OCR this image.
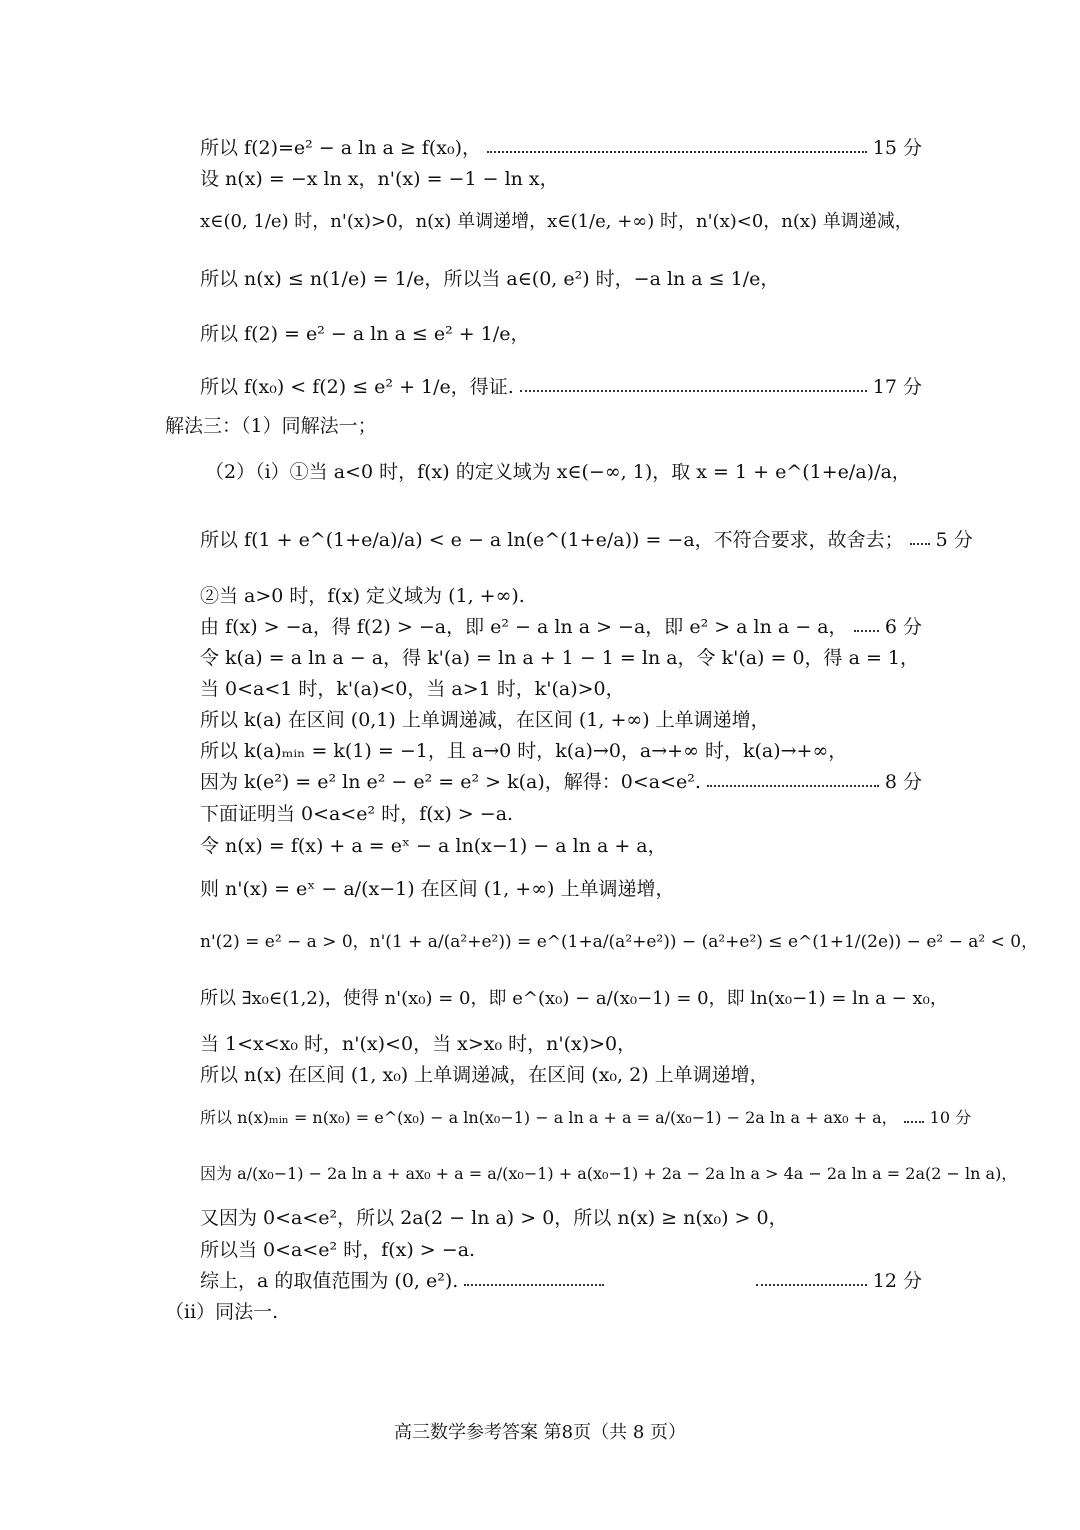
所以 f(2)=e² − a ln a ≥ f(x₀)，	15 分
设 n(x) = −x ln x，n'(x) = −1 − ln x，
x∈(0, 1/e) 时，n'(x)>0，n(x) 单调递增，x∈(1/e, +∞) 时，n'(x)<0，n(x) 单调递减，
所以 n(x) ≤ n(1/e) = 1/e，所以当 a∈(0, e²) 时，−a ln a ≤ 1/e，
所以 f(2) = e² − a ln a ≤ e² + 1/e，
所以 f(x₀) < f(2) ≤ e² + 1/e，得证.	17 分
解法三：（1）同解法一；
（2）（i）①当 a<0 时，f(x) 的定义域为 x∈(−∞, 1)，取 x = 1 + e^(1+e/a)/a，
所以 f(1 + e^(1+e/a)/a) < e − a ln(e^(1+e/a)) = −a，不符合要求，故舍去； 5 分
②当 a>0 时，f(x) 定义域为 (1, +∞).
由 f(x) > −a，得 f(2) > −a，即 e² − a ln a > −a，即 e² > a ln a − a， 6 分
令 k(a) = a ln a − a，得 k'(a) = ln a + 1 − 1 = ln a，令 k'(a) = 0，得 a = 1，
当 0<a<1 时，k'(a)<0，当 a>1 时，k'(a)>0，
所以 k(a) 在区间 (0,1) 上单调递减，在区间 (1, +∞) 上单调递增，
所以 k(a)ₘᵢₙ = k(1) = −1，且 a→0 时，k(a)→0，a→+∞ 时，k(a)→+∞，
因为 k(e²) = e² ln e² − e² = e² > k(a)，解得：0<a<e².	8 分
下面证明当 0<a<e² 时，f(x) > −a.
令 n(x) = f(x) + a = eˣ − a ln(x−1) − a ln a + a，
则 n'(x) = eˣ − a/(x−1) 在区间 (1, +∞) 上单调递增，
n'(2) = e² − a > 0，n'(1 + a/(a²+e²)) = e^(1+a/(a²+e²)) − (a²+e²) ≤ e^(1+1/(2e)) − e² − a² < 0，
所以 ∃x₀∈(1,2)，使得 n'(x₀) = 0，即 e^(x₀) − a/(x₀−1) = 0，即 ln(x₀−1) = ln a − x₀，
当 1<x<x₀ 时，n'(x)<0，当 x>x₀ 时，n'(x)>0，
所以 n(x) 在区间 (1, x₀) 上单调递减，在区间 (x₀, 2) 上单调递增，
所以 n(x)ₘᵢₙ = n(x₀) = e^(x₀) − a ln(x₀−1) − a ln a + a = a/(x₀−1) − 2a ln a + ax₀ + a， 10 分
因为 a/(x₀−1) − 2a ln a + ax₀ + a = a/(x₀−1) + a(x₀−1) + 2a − 2a ln a > 4a − 2a ln a = 2a(2 − ln a)，
又因为 0<a<e²，所以 2a(2 − ln a) > 0，所以 n(x) ≥ n(x₀) > 0，
所以当 0<a<e² 时，f(x) > −a.
综上，a 的取值范围为 (0, e²).	12 分
（ii）同法一.
高三数学参考答案 第8页（共 8 页）
